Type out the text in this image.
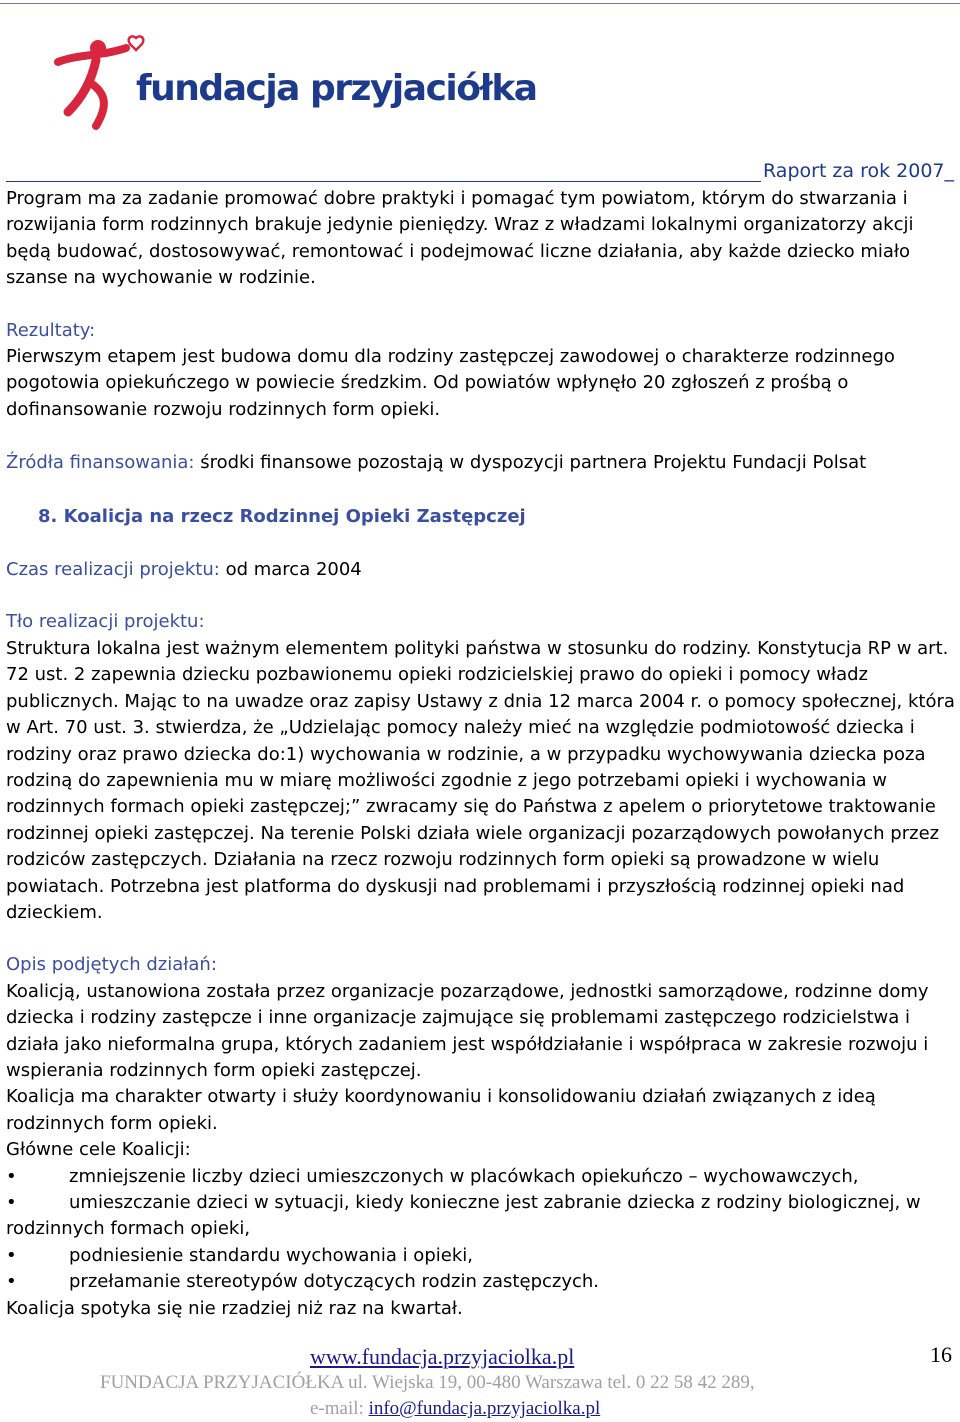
fundacja przyjaciółka
Raport za rok 2007_

Program ma za zadanie promować dobre praktyki i pomagać tym powiatom, którym do stwarzania i rozwijania form rodzinnych brakuje jedynie pieniędzy. Wraz z władzami lokalnymi organizatorzy akcji będą budować, dostosowywać, remontować i podejmować liczne działania, aby każde dziecko miało szanse na wychowanie w rodzinie.

Rezultaty:

Pierwszym etapem jest budowa domu dla rodziny zastępczej zawodowej o charakterze rodzinnego pogotowia opiekuńczego w powiecie średzkim. Od powiatów wpłynęło 20 zgłoszeń z prośbą o dofinansowanie rozwoju rodzinnych form opieki.

Źródła finansowania: środki finansowe pozostają w dyspozycji partnera Projektu Fundacji Polsat

8. Koalicja na rzecz Rodzinnej Opieki Zastępczej

Czas realizacji projektu: od marca 2004

Tło realizacji projektu:

Struktura lokalna jest ważnym elementem polityki państwa w stosunku do rodziny. Konstytucja RP w art. 72 ust. 2 zapewnia dziecku pozbawionemu opieki rodzicielskiej prawo do opieki i pomocy władz publicznych. Mając to na uwadze oraz zapisy Ustawy z dnia 12 marca 2004 r. o pomocy społecznej, która w Art. 70 ust. 3. stwierdza, że „Udzielając pomocy należy mieć na względzie podmiotowość dziecka i rodziny oraz prawo dziecka do:1) wychowania w rodzinie, a w przypadku wychowywania dziecka poza rodziną do zapewnienia mu w miarę możliwości zgodnie z jego potrzebami opieki i wychowania w rodzinnych formach opieki zastępczej;” zwracamy się do Państwa z apelem o priorytetowe traktowanie rodzinnej opieki zastępczej. Na terenie Polski działa wiele organizacji pozarządowych powołanych przez rodziców zastępczych. Działania na rzecz rozwoju rodzinnych form opieki są prowadzone w wielu powiatach. Potrzebna jest platforma do dyskusji nad problemami i przyszłością rodzinnej opieki nad dzieckiem.

Opis podjętych działań:

Koalicją, ustanowiona została przez organizacje pozarządowe, jednostki samorządowe, rodzinne domy dziecka i rodziny zastępcze i inne organizacje zajmujące się problemami zastępczego rodzicielstwa i działa jako nieformalna grupa, których zadaniem jest współdziałanie i współpraca w zakresie rozwoju i wspierania rodzinnych form opieki zastępczej.

Koalicja ma charakter otwarty i służy koordynowaniu i konsolidowaniu działań związanych z ideą rodzinnych form opieki.

Główne cele Koalicji:

•	zmniejszenie liczby dzieci umieszczonych w placówkach opiekuńczo – wychowawczych,
•	umieszczanie dzieci w sytuacji, kiedy konieczne jest zabranie dziecka z rodziny biologicznej, w rodzinnych formach opieki,
•	podniesienie standardu wychowania i opieki,
•	przełamanie stereotypów dotyczących rodzin zastępczych.

Koalicja spotyka się nie rzadziej niż raz na kwartał.

www.fundacja.przyjaciolka.pl	16
FUNDACJA PRZYJACIÓŁKA ul. Wiejska 19, 00-480 Warszawa tel. 0 22 58 42 289,
e-mail: info@fundacja.przyjaciolka.pl
